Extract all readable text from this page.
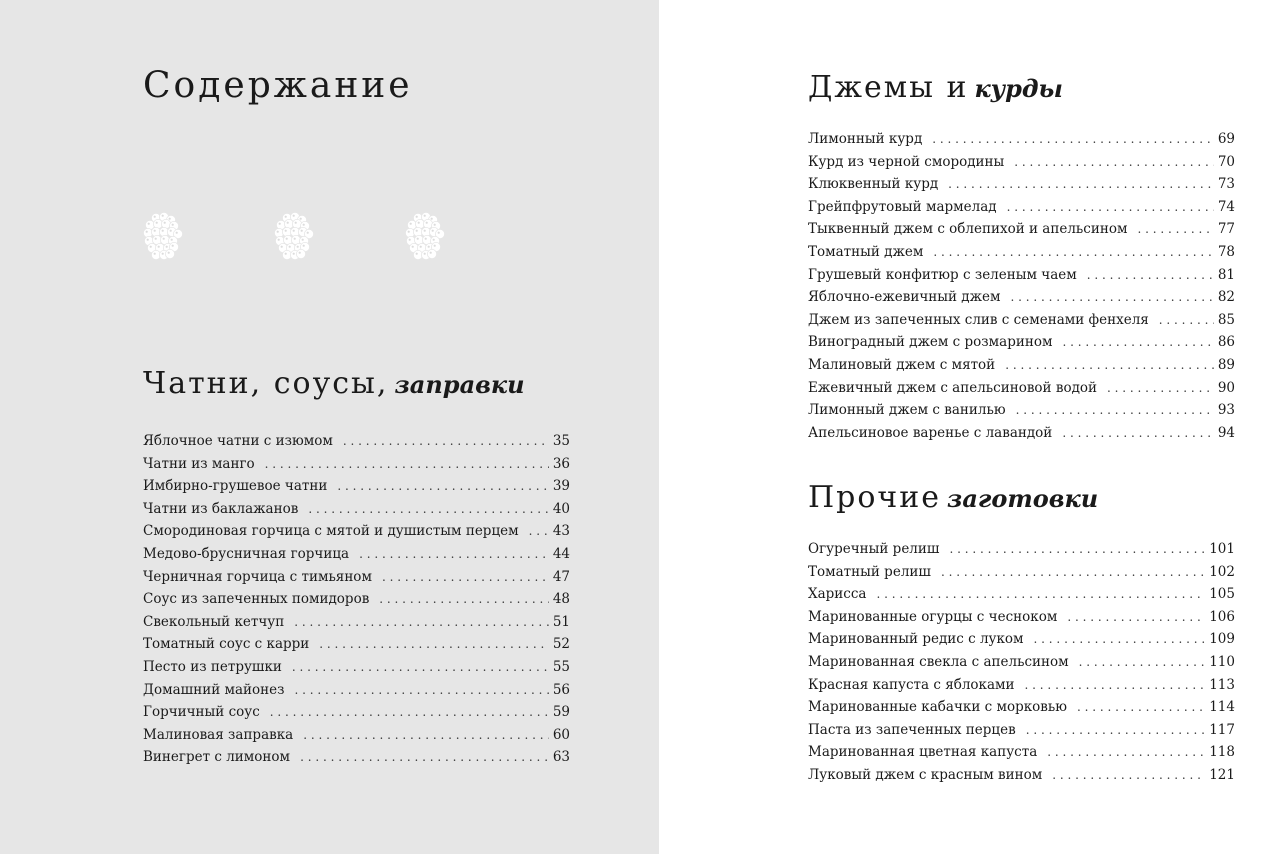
Содержание
Чатни, соусы, заправки
Яблочное чатни с изюмом . . .	35
Чатни из манго . . .	36
Имбирно-грушевое чатни . . .	39
Чатни из баклажанов . . .	40
Смородиновая горчица с мятой и душистым перцем . . .	43
Медово-брусничная горчица . . .	44
Черничная горчица с тимьяном . . .	47
Соус из запеченных помидоров . . .	48
Свекольный кетчуп . . .	51
Томатный соус с карри . . .	52
Песто из петрушки . . .	55
Домашний майонез . . .	56
Горчичный соус . . .	59
Малиновая заправка . . .	60
Винегрет с лимоном . . .	63
Джемы и курды
Лимонный курд . . .	69
Курд из черной смородины . . .	70
Клюквенный курд . . .	73
Грейпфрутовый мармелад . . .	74
Тыквенный джем с облепихой и апельсином . . .	77
Томатный джем . . .	78
Грушевый конфитюр с зеленым чаем . . .	81
Яблочно-ежевичный джем . . .	82
Джем из запеченных слив с семенами фенхеля . . .	85
Виноградный джем с розмарином . . .	86
Малиновый джем с мятой . . .	89
Ежевичный джем с апельсиновой водой . . .	90
Лимонный джем с ванилью . . .	93
Апельсиновое варенье с лавандой . . .	94
Прочие заготовки
Огуречный релиш . . .	101
Томатный релиш . . .	102
Харисса . . .	105
Маринованные огурцы с чесноком . . .	106
Маринованный редис с луком . . .	109
Маринованная свекла с апельсином . . .	110
Красная капуста с яблоками . . .	113
Маринованные кабачки с морковью . . .	114
Паста из запеченных перцев . . .	117
Маринованная цветная капуста . . .	118
Луковый джем с красным вином . . .	121
